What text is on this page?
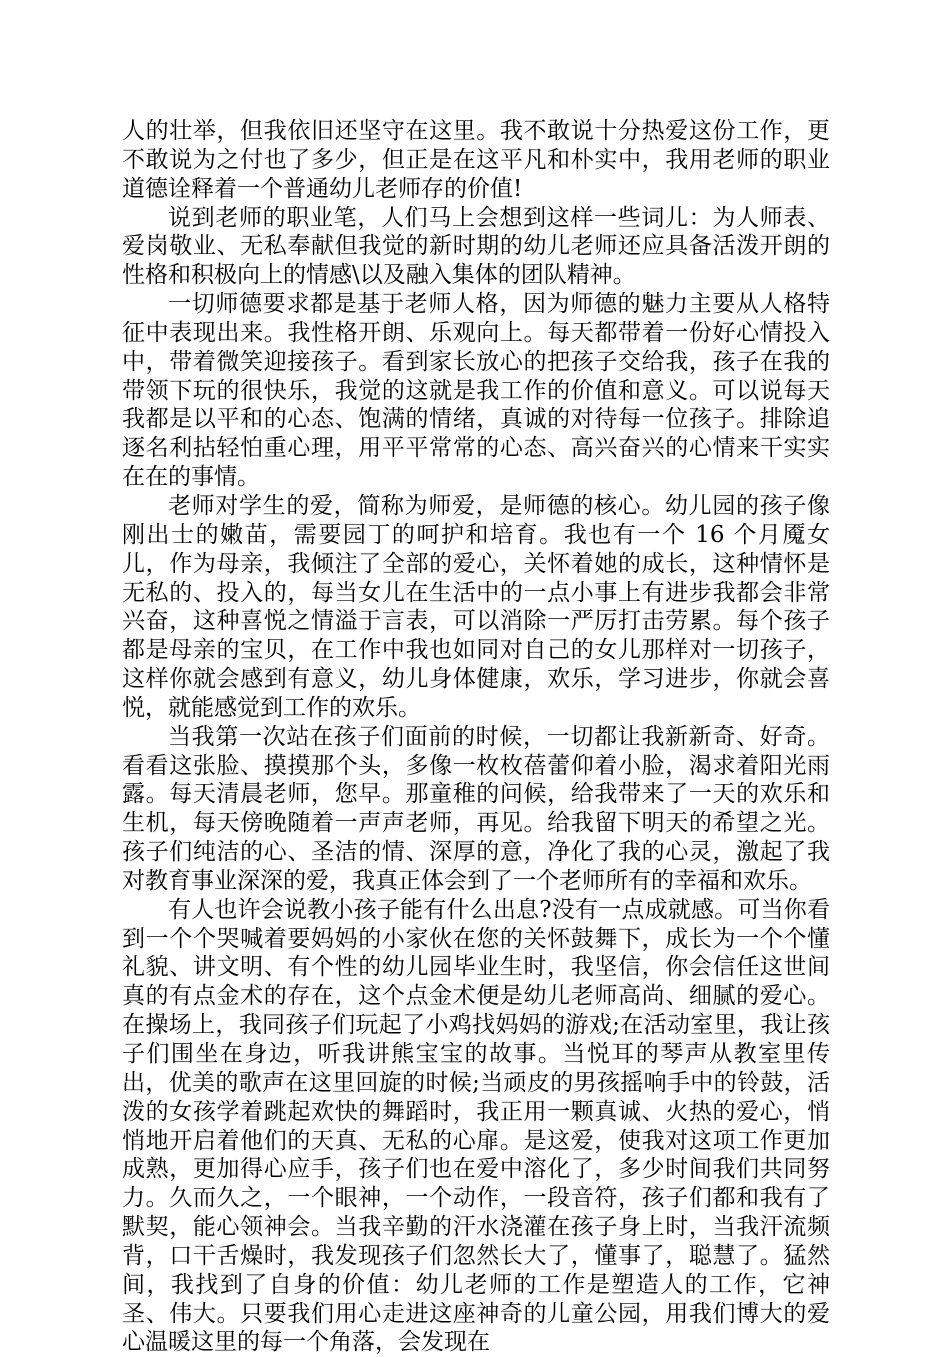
人的壮举，但我依旧还坚守在这里。我不敢说十分热爱这份工作，更不敢说为之付也了多少，但正是在这平凡和朴实中，我用老师的职业道德诠释着一个普通幼儿老师存的价值!

说到老师的职业笔，人们马上会想到这样一些词儿：为人师表、爱岗敬业、无私奉献但我觉的新时期的幼儿老师还应具备活泼开朗的性格和积极向上的情感\以及融入集体的团队精神。

一切师德要求都是基于老师人格，因为师德的魅力主要从人格特征中表现出来。我性格开朗、乐观向上。每天都带着一份好心情投入中，带着微笑迎接孩子。看到家长放心的把孩子交给我，孩子在我的带领下玩的很快乐，我觉的这就是我工作的价值和意义。可以说每天我都是以平和的心态、饱满的情绪，真诚的对待每一位孩子。排除追逐名利拈轻怕重心理，用平平常常的心态、高兴奋兴的心情来干实实在在的事情。

老师对学生的爱，简称为师爱，是师德的核心。幼儿园的孩子像刚出士的嫩苗，需要园丁的呵护和培育。我也有一个 16 个月魇女儿，作为母亲，我倾注了全部的爱心，关怀着她的成长，这种情怀是无私的、投入的，每当女儿在生活中的一点小事上有进步我都会非常兴奋，这种喜悦之情溢于言表，可以消除一严厉打击劳累。每个孩子都是母亲的宝贝，在工作中我也如同对自己的女儿那样对一切孩子，这样你就会感到有意义，幼儿身体健康，欢乐，学习进步，你就会喜悦，就能感觉到工作的欢乐。

当我第一次站在孩子们面前的时候，一切都让我新新奇、好奇。看看这张脸、摸摸那个头，多像一枚枚蓓蕾仰着小脸，渴求着阳光雨露。每天清晨老师，您早。那童稚的问候，给我带来了一天的欢乐和生机，每天傍晚随着一声声老师，再见。给我留下明天的希望之光。孩子们纯洁的心、圣洁的情、深厚的意，净化了我的心灵，激起了我对教育事业深深的爱，我真正体会到了一个老师所有的幸福和欢乐。

有人也许会说教小孩子能有什么出息?没有一点成就感。可当你看到一个个哭喊着要妈妈的小家伙在您的关怀鼓舞下，成长为一个个懂礼貌、讲文明、有个性的幼儿园毕业生时，我坚信，你会信任这世间真的有点金术的存在，这个点金术便是幼儿老师高尚、细腻的爱心。在操场上，我同孩子们玩起了小鸡找妈妈的游戏;在活动室里，我让孩子们围坐在身边，听我讲熊宝宝的故事。当悦耳的琴声从教室里传出，优美的歌声在这里回旋的时候;当顽皮的男孩摇响手中的铃鼓，活泼的女孩学着跳起欢快的舞蹈时，我正用一颗真诚、火热的爱心，悄悄地开启着他们的天真、无私的心扉。是这爱，使我对这项工作更加成熟，更加得心应手，孩子们也在爱中溶化了，多少时间我们共同努力。久而久之，一个眼神，一个动作，一段音符，孩子们都和我有了默契，能心领神会。当我辛勤的汗水浇灌在孩子身上时，当我汗流频背，口干舌燥时，我发现孩子们忽然长大了，懂事了，聪慧了。猛然间，我找到了自身的价值：幼儿老师的工作是塑造人的工作，它神圣、伟大。只要我们用心走进这座神奇的儿童公园，用我们博大的爱心温暖这里的每一个角落，会发现在
